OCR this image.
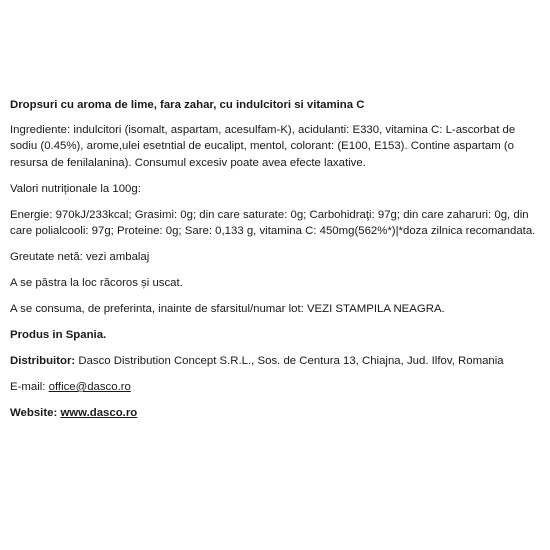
Dropsuri cu aroma de lime, fara zahar, cu indulcitori si vitamina C

Ingrediente: indulcitori (isomalt, aspartam, acesulfam-K), acidulanti: E330, vitamina C: L-ascorbat de sodiu (0.45%), arome,ulei esetntial de eucalipt, mentol, colorant: (E100, E153). Contine aspartam (o resursa de fenilalanina). Consumul excesiv poate avea efecte laxative.

Valori nutriționale la 100g:

Energie: 970kJ/233kcal; Grasimi: 0g; din care saturate: 0g; Carbohidraţi: 97g; din care zaharuri: 0g, din care polialcooli: 97g; Proteine: 0g; Sare: 0,133 g, vitamina C: 450mg(562%*)|*doza zilnica recomandata.

Greutate netă: vezi ambalaj

A se păstra la loc răcoros și uscat.

A se consuma, de preferinta, inainte de sfarsitul/numar lot: VEZI STAMPILA NEAGRA.

Produs in Spania.

Distribuitor: Dasco Distribution Concept S.R.L., Sos. de Centura 13, Chiajna, Jud. Ilfov, Romania

E-mail: office@dasco.ro

Website: www.dasco.ro
